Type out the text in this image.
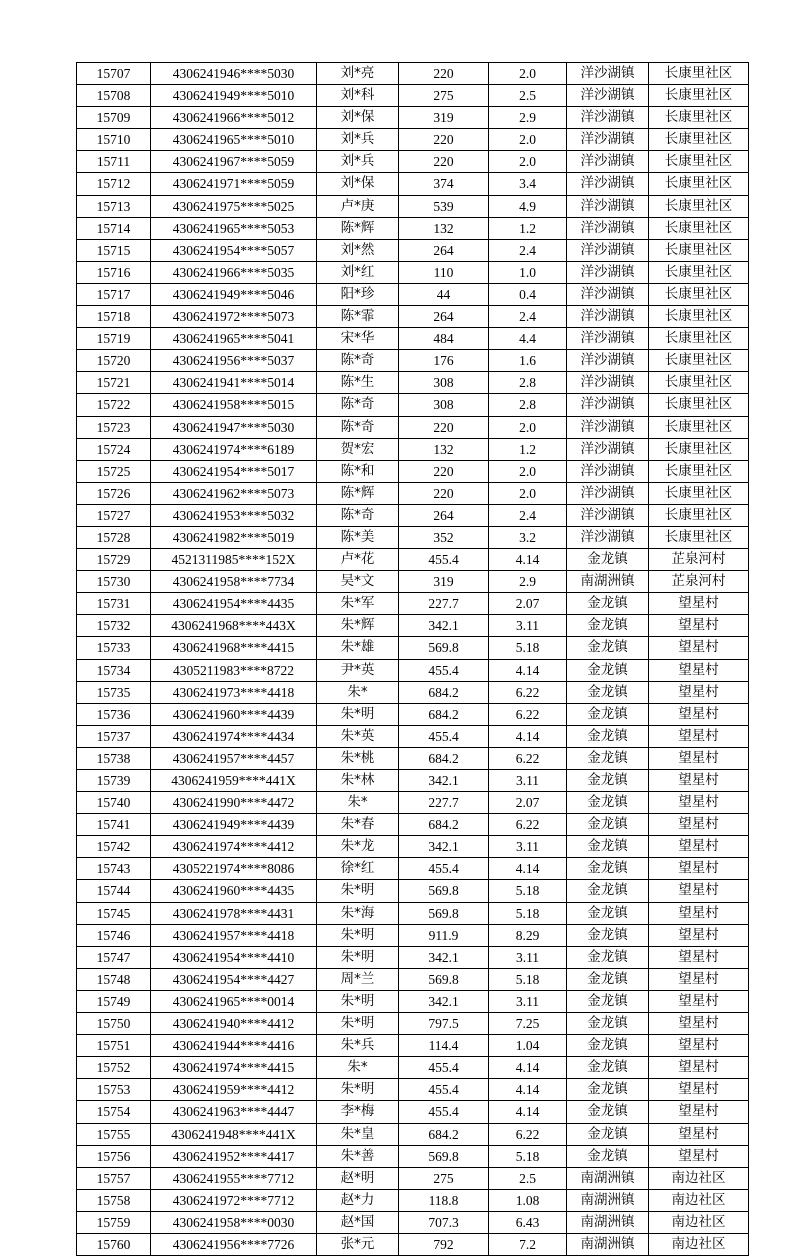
15707	4306241946****5030	刘*亮	220	2.0	洋沙湖镇	长康里社区
15708	4306241949****5010	刘*科	275	2.5	洋沙湖镇	长康里社区
15709	4306241966****5012	刘*保	319	2.9	洋沙湖镇	长康里社区
15710	4306241965****5010	刘*兵	220	2.0	洋沙湖镇	长康里社区
15711	4306241967****5059	刘*兵	220	2.0	洋沙湖镇	长康里社区
15712	4306241971****5059	刘*保	374	3.4	洋沙湖镇	长康里社区
15713	4306241975****5025	卢*庚	539	4.9	洋沙湖镇	长康里社区
15714	4306241965****5053	陈*辉	132	1.2	洋沙湖镇	长康里社区
15715	4306241954****5057	刘*然	264	2.4	洋沙湖镇	长康里社区
15716	4306241966****5035	刘*红	110	1.0	洋沙湖镇	长康里社区
15717	4306241949****5046	阳*珍	44	0.4	洋沙湖镇	长康里社区
15718	4306241972****5073	陈*霏	264	2.4	洋沙湖镇	长康里社区
15719	4306241965****5041	宋*华	484	4.4	洋沙湖镇	长康里社区
15720	4306241956****5037	陈*奇	176	1.6	洋沙湖镇	长康里社区
15721	4306241941****5014	陈*生	308	2.8	洋沙湖镇	长康里社区
15722	4306241958****5015	陈*奇	308	2.8	洋沙湖镇	长康里社区
15723	4306241947****5030	陈*奇	220	2.0	洋沙湖镇	长康里社区
15724	4306241974****6189	贺*宏	132	1.2	洋沙湖镇	长康里社区
15725	4306241954****5017	陈*和	220	2.0	洋沙湖镇	长康里社区
15726	4306241962****5073	陈*辉	220	2.0	洋沙湖镇	长康里社区
15727	4306241953****5032	陈*奇	264	2.4	洋沙湖镇	长康里社区
15728	4306241982****5019	陈*美	352	3.2	洋沙湖镇	长康里社区
15729	4521311985****152X	卢*花	455.4	4.14	金龙镇	芷泉河村
15730	4306241958****7734	吴*文	319	2.9	南湖洲镇	芷泉河村
15731	4306241954****4435	朱*军	227.7	2.07	金龙镇	望星村
15732	4306241968****443X	朱*辉	342.1	3.11	金龙镇	望星村
15733	4306241968****4415	朱*雄	569.8	5.18	金龙镇	望星村
15734	4305211983****8722	尹*英	455.4	4.14	金龙镇	望星村
15735	4306241973****4418	朱*	684.2	6.22	金龙镇	望星村
15736	4306241960****4439	朱*明	684.2	6.22	金龙镇	望星村
15737	4306241974****4434	朱*英	455.4	4.14	金龙镇	望星村
15738	4306241957****4457	朱*桃	684.2	6.22	金龙镇	望星村
15739	4306241959****441X	朱*林	342.1	3.11	金龙镇	望星村
15740	4306241990****4472	朱*	227.7	2.07	金龙镇	望星村
15741	4306241949****4439	朱*春	684.2	6.22	金龙镇	望星村
15742	4306241974****4412	朱*龙	342.1	3.11	金龙镇	望星村
15743	4305221974****8086	徐*红	455.4	4.14	金龙镇	望星村
15744	4306241960****4435	朱*明	569.8	5.18	金龙镇	望星村
15745	4306241978****4431	朱*海	569.8	5.18	金龙镇	望星村
15746	4306241957****4418	朱*明	911.9	8.29	金龙镇	望星村
15747	4306241954****4410	朱*明	342.1	3.11	金龙镇	望星村
15748	4306241954****4427	周*兰	569.8	5.18	金龙镇	望星村
15749	4306241965****0014	朱*明	342.1	3.11	金龙镇	望星村
15750	4306241940****4412	朱*明	797.5	7.25	金龙镇	望星村
15751	4306241944****4416	朱*兵	114.4	1.04	金龙镇	望星村
15752	4306241974****4415	朱*	455.4	4.14	金龙镇	望星村
15753	4306241959****4412	朱*明	455.4	4.14	金龙镇	望星村
15754	4306241963****4447	李*梅	455.4	4.14	金龙镇	望星村
15755	4306241948****441X	朱*皇	684.2	6.22	金龙镇	望星村
15756	4306241952****4417	朱*善	569.8	5.18	金龙镇	望星村
15757	4306241955****7712	赵*明	275	2.5	南湖洲镇	南边社区
15758	4306241972****7712	赵*力	118.8	1.08	南湖洲镇	南边社区
15759	4306241958****0030	赵*国	707.3	6.43	南湖洲镇	南边社区
15760	4306241956****7726	张*元	792	7.2	南湖洲镇	南边社区
